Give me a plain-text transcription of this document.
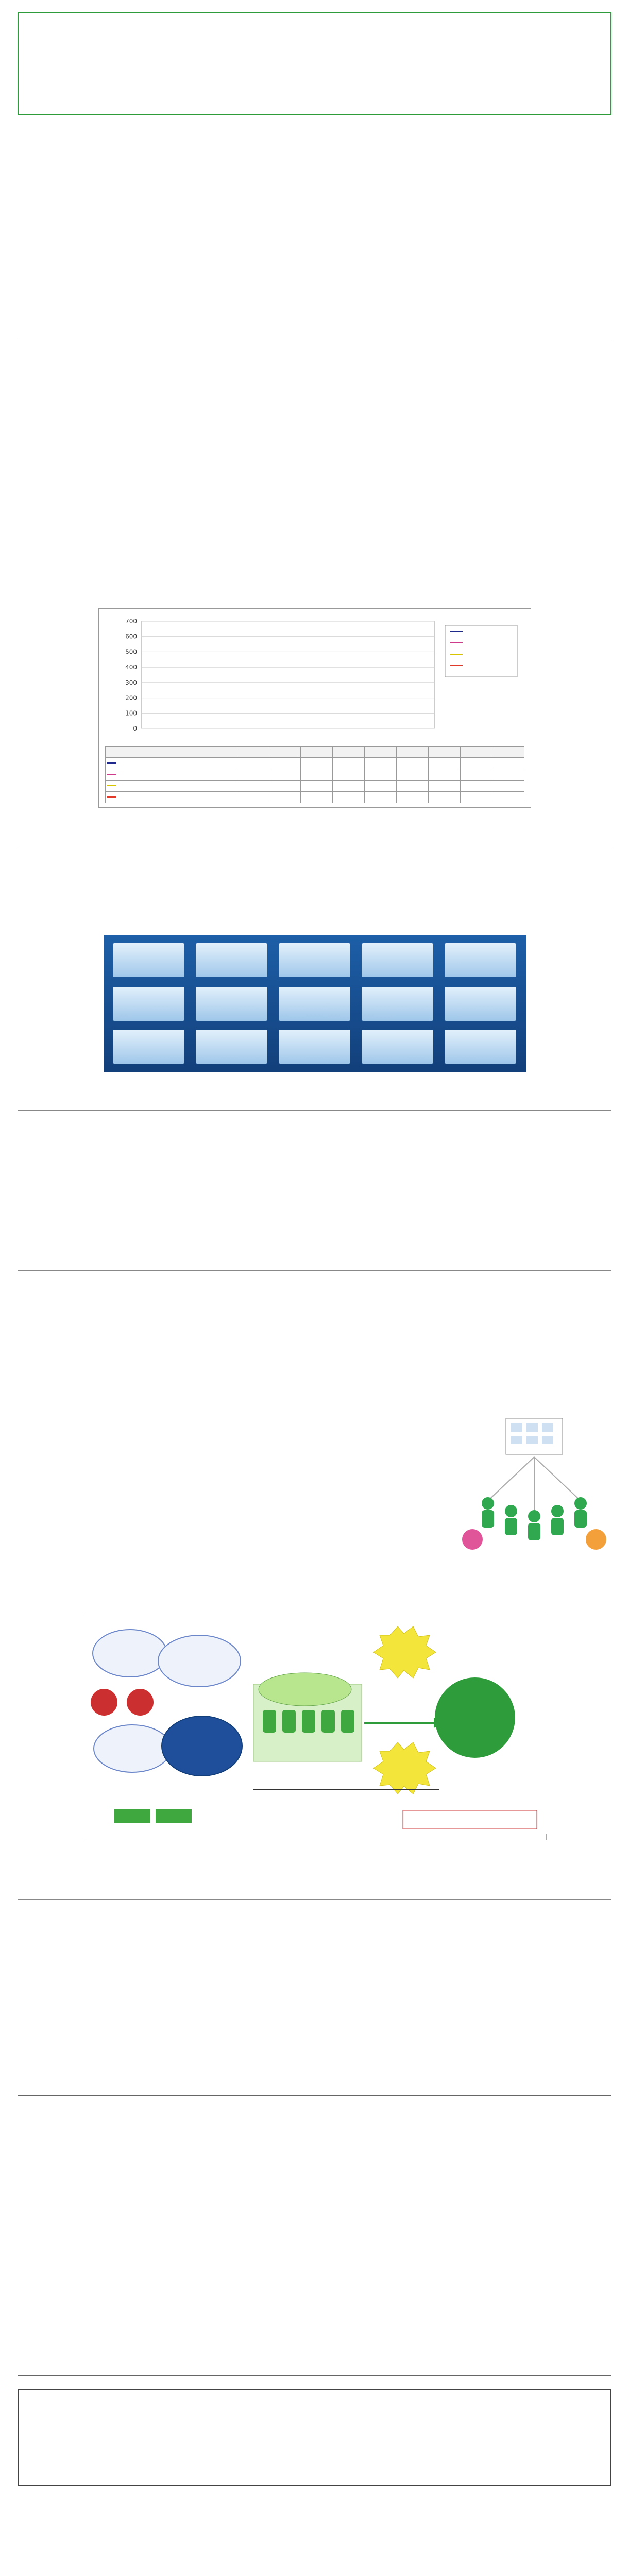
0
100
200
300
400
500
600
700
